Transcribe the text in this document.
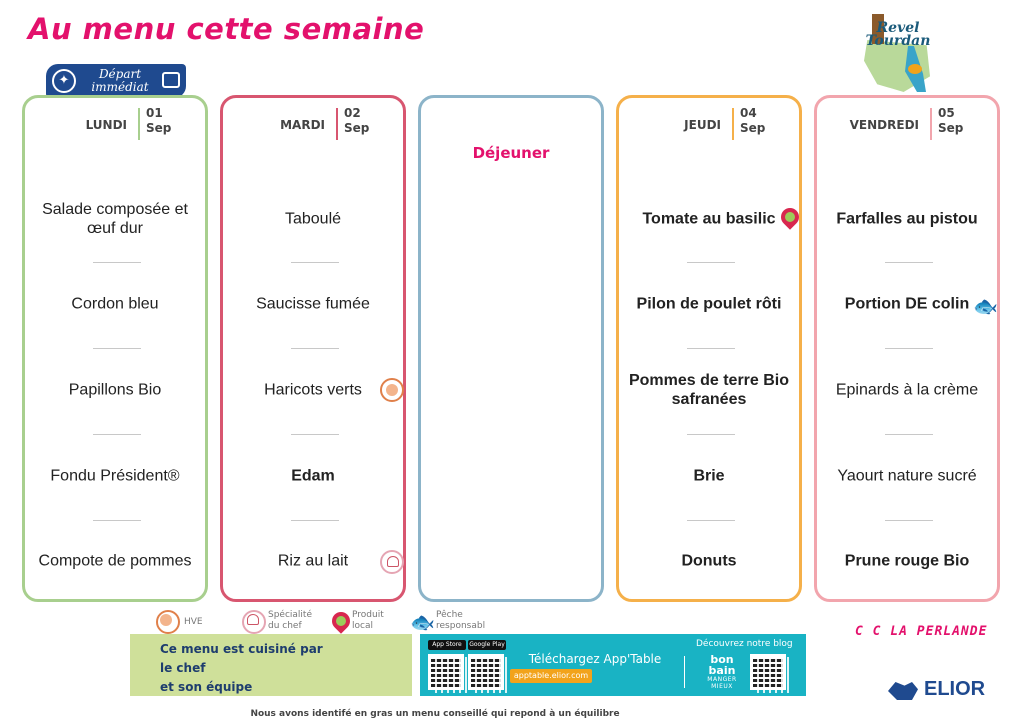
Au menu cette semaine
✦	Départ
immédiat
Revel
Tourdan
LUNDI
01
Sep
Salade composée et œuf dur
Cordon bleu
Papillons Bio
Fondu Président®
Compote de pommes
MARDI
02
Sep
Taboulé
Saucisse fumée
Haricots verts
Edam
Riz au lait
Déjeuner
JEUDI
04
Sep
Tomate au basilic
Pilon de poulet rôti
Pommes de terre Bio safranées
Brie
Donuts
VENDREDI
05
Sep
Farfalles au pistou
Portion DE colin 🐟
Epinards à la crème
Yaourt nature sucré
Prune rouge Bio
HVE
Spécialité
du chef
Produit
local	🐟 Pêche
responsabl
Ce menu est cuisiné par
le chef
et son équipe
App Store	Google Play
Téléchargez App'Table
apptable.elior.com
Découvrez notre blog
bon
bain
MANGER MIEUX
C C LA PERLANDE
ELIOR
Nous avons identifé en gras un menu conseillé qui repond à un équilibre
